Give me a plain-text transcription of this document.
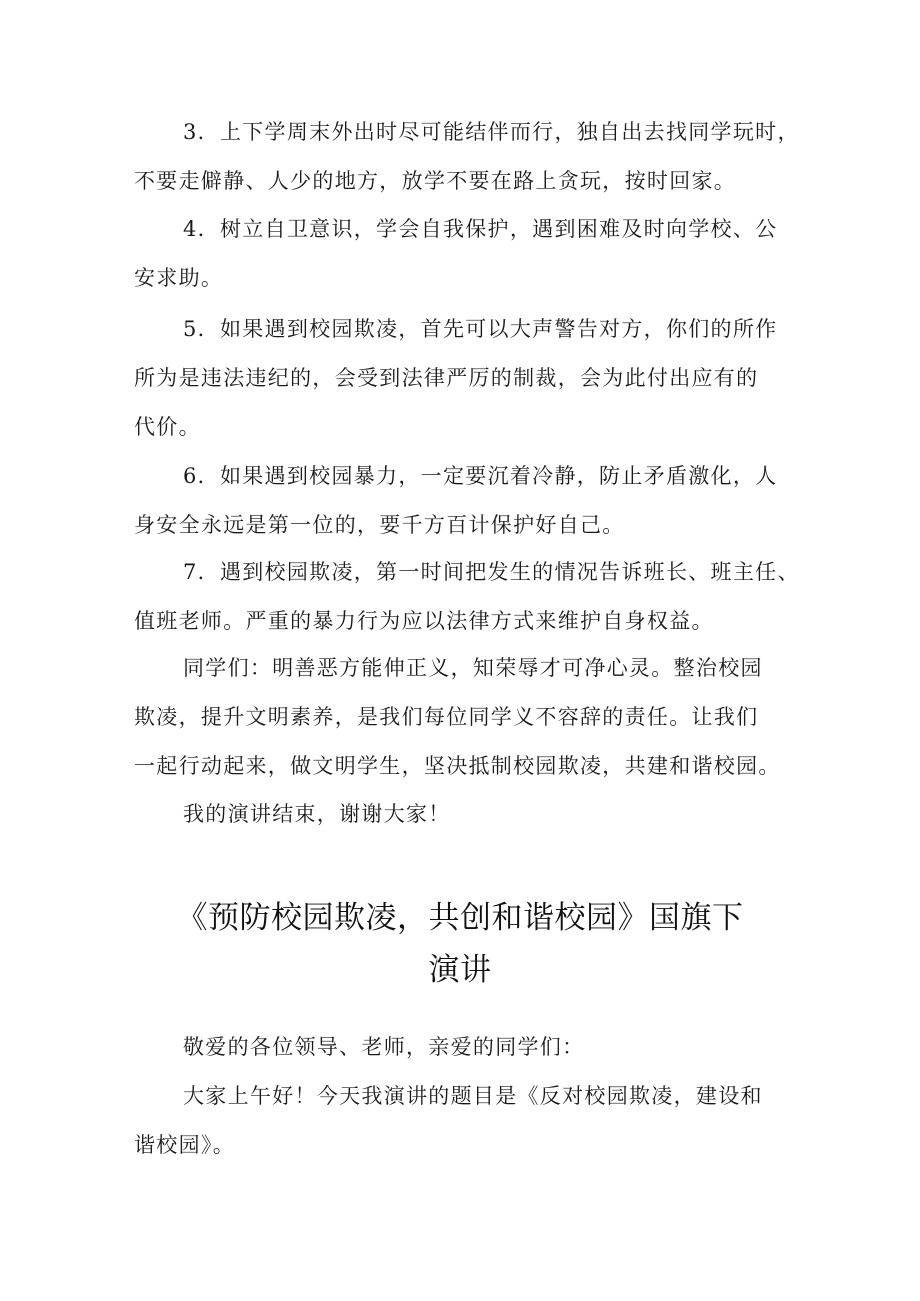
3．上下学周末外出时尽可能结伴而行，独自出去找同学玩时，
不要走僻静、人少的地方，放学不要在路上贪玩，按时回家。

4．树立自卫意识，学会自我保护，遇到困难及时向学校、公
安求助。

5．如果遇到校园欺凌，首先可以大声警告对方，你们的所作
所为是违法违纪的，会受到法律严厉的制裁，会为此付出应有的
代价。

6．如果遇到校园暴力，一定要沉着冷静，防止矛盾激化，人
身安全永远是第一位的，要千方百计保护好自己。

7．遇到校园欺凌，第一时间把发生的情况告诉班长、班主任、
值班老师。严重的暴力行为应以法律方式来维护自身权益。

同学们：明善恶方能伸正义，知荣辱才可净心灵。整治校园
欺凌，提升文明素养，是我们每位同学义不容辞的责任。让我们
一起行动起来，做文明学生，坚决抵制校园欺凌，共建和谐校园。

我的演讲结束，谢谢大家！

《预防校园欺凌，共创和谐校园》国旗下
演讲

敬爱的各位领导、老师，亲爱的同学们：

大家上午好！今天我演讲的题目是《反对校园欺凌，建设和
谐校园》。
